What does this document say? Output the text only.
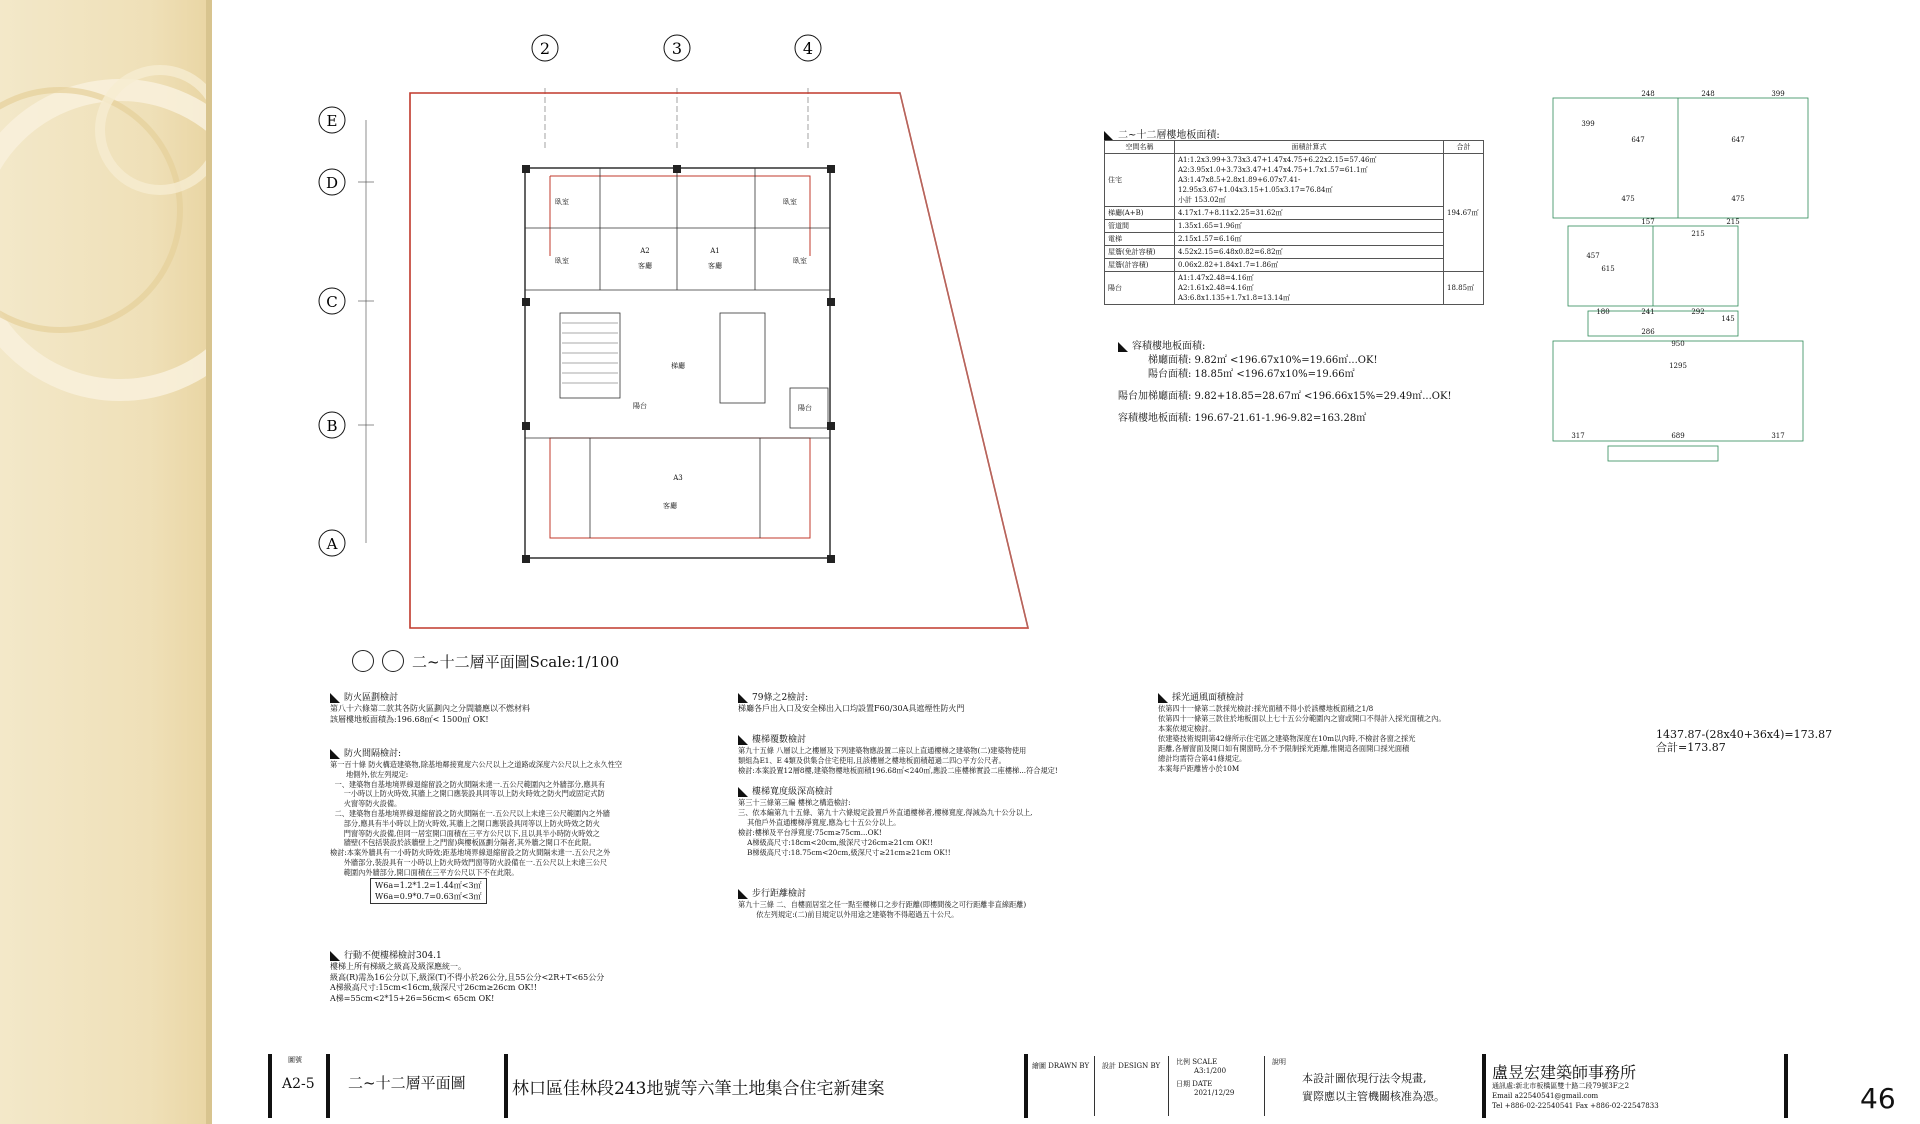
2	3	4
E
D
C
B
A
臥室	臥室
臥室	臥室
客廳	客廳
客廳
陽台	陽台
A1
A2
A3
梯廳
二~十二層平面圖Scale:1/100
二~十二層樓地板面積:
空間名稱	面積計算式	合計
住宅	A1:1.2x3.99+3.73x3.47+1.47x4.75+6.22x2.15=57.46㎡
A2:3.95x1.0+3.73x3.47+1.47x4.75+1.7x1.57=61.1㎡
A3:1.47x8.5+2.8x1.89+6.07x7.41-12.95x3.67+1.04x3.15+1.05x3.17=76.84㎡
小計 153.02㎡	194.67㎡
梯廳(A+B)	4.17x1.7+8.11x2.25=31.62㎡	
管道間	1.35x1.65=1.96㎡	
電梯	2.15x1.57=6.16㎡	
屋簷(免計容積)	4.52x2.15=6.48x0.82=6.82㎡	
屋簷(計容積)	0.06x2.82+1.84x1.7=1.86㎡	
陽台	A1:1.47x2.48=4.16㎡
A2:1.61x2.48=4.16㎡
A3:6.8x1.135+1.7x1.8=13.14㎡	18.85㎡
容積樓地板面積:
梯廳面積: 9.82㎡ <196.67x10%=19.66㎡...OK!
陽台面積: 18.85㎡ <196.67x10%=19.66㎡
陽台加梯廳面積: 9.82+18.85=28.67㎡ <196.66x15%=29.49㎡...OK!
容積樓地板面積: 196.67-21.61-1.96-9.82=163.28㎡
248	248	399
399
647	647
475	475
157
215
215
457
615
180	241	292
145
286
950
1295
317	689	317
防火區劃檢討
第八十六條第二款其各防火區劃內之分間牆應以不燃材料
該層樓地板面積為:196.68㎡< 1500㎡ OK!
防火間隔檢討:
第一百十條 防火構造建築物,除基地鄰接寬度六公尺以上之道路或深度六公尺以上之永久性空
地側外,依左列規定:
一、建築物自基地境界線退縮留設之防火間隔未達一.五公尺範圍內之外牆部分,應具有
一小時以上防火時效,其牆上之開口應裝設具同等以上防火時效之防火門或固定式防
火窗等防火設備。
二、建築物自基地境界線退縮留設之防火間隔在一.五公尺以上未達三公尺範圍內之外牆
部分,應具有半小時以上防火時效,其牆上之開口應裝設具同等以上防火時效之防火
門窗等防火設備,但同一居室開口面積在三平方公尺以下,且以具半小時防火時效之
牆壁(不包括裝設於該牆壁上之門窗)與樓板區劃分隔者,其外牆之開口不在此限。
檢討:本案外牆具有一小時防火時效;距基地境界線退縮留設之防火間隔未達一.五公尺之外
外牆部分,裝設具有一小時以上防火時效門窗等防火設備在一.五公尺以上未達三公尺
範圍內外牆部分,開口面積在三平方公尺以下不在此限。
W6a=1.2*1.2=1.44㎡<3㎡
W6a=0.9*0.7=0.63㎡<3㎡
行動不便樓梯檢討304.1
樓梯上所有梯級之級高及級深應統一。
級高(R)需為16公分以下,級深(T)不得小於26公分,且55公分<2R+T<65公分
A梯級高尺寸:15cm<16cm,級深尺寸26cm≥26cm OK!!
A梯=55cm<2*15+26=56cm< 65cm OK!
79條之2檢討:
梯廳各戶出入口及安全梯出入口均設置F60/30A具遮煙性防火門
樓梯覆數檢討
第九十五條 八層以上之樓層及下列建築物應設置二座以上直通樓梯之建築物(二)建築物使用
類組為E1、E 4類及供集合住宅使用,且該樓層之樓地板面積超過二四○平方公尺者。
檢討:本案設置12層8樓,建築物樓地板面積196.68㎡<240㎡,應設二座樓梯實設二座樓梯...符合規定!
樓梯寬度級深高檢討
第三十三條第三編 樓梯之構造檢討:
三、依本編第九十五條、第九十六條規定設置戶外直通樓梯者,樓梯寬度,得減為九十公分以上,
其他戶外直通樓梯淨寬度,應為七十五公分以上。
檢討:樓梯及平台淨寬度:75cm≥75cm...OK!
A梯級高尺寸:18cm<20cm,級深尺寸26cm≥21cm OK!!
B梯級高尺寸:18.75cm<20cm,級深尺寸≥21cm≥21cm OK!!
步行距離檢討
第九十三條 二、自樓面居室之任一點至樓梯口之步行距離(即樓間後之可行距離非直線距離)
依左列規定:(二)前目規定以外用途之建築物不得超過五十公尺。
採光通風面積檢討
依第四十一條第二款採光檢討:採光面積不得小於該樓地板面積之1/8
依第四十一條第三款住於地板面以上七十五公分範圍內之窗或開口不得計入採光面積之內。
本案依規定檢討。
依建築技術規則第42條所示住宅區之建築物深度在10m以內時,不檢討各窗之採光
距離,各層窗面及開口如有開窗時,分不予限制採光距離,惟開這各面開口採光面積
總計均需符合第41條規定。
本案每戶距離皆小於10M
1437.87-(28x40+36x4)=173.87
合計=173.87
圖號
A2-5 二~十二層平面圖	林口區佳林段243地號等六筆土地集合住宅新建案
繪圖 DRAWN BY	設計 DESIGN BY 比例 SCALE
A3:1/200
日期 DATE
2021/12/29
說明
本設計圖依現行法令規畫,
實際應以主管機關核准為憑。
盧昱宏建築師事務所
通訊處:新北市板橋區雙十路二段79號3F之2
Email a22540541@gmail.com
Tel +886-02-22540541 Fax +886-02-22547833	46
